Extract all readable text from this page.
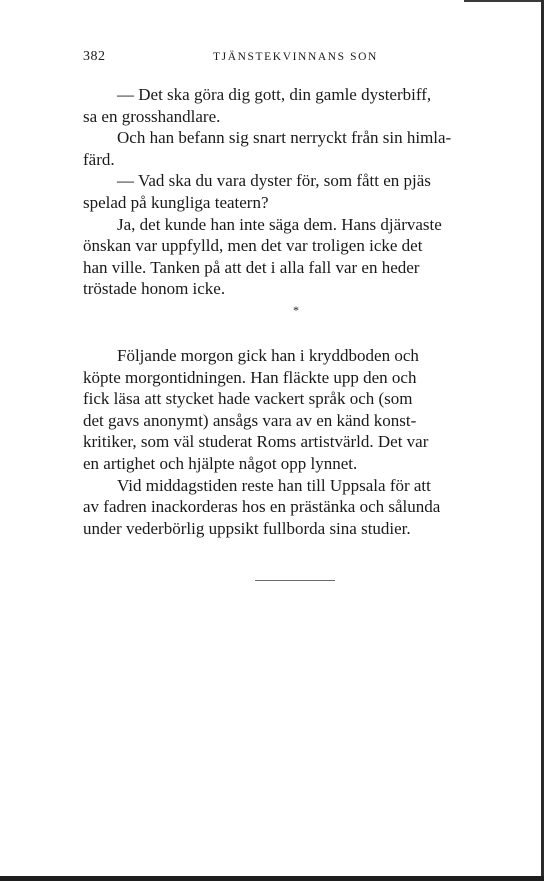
382	TJÄNSTEKVINNANS SON

— Det ska göra dig gott, din gamle dysterbiff,
sa en grosshandlare.

Och han befann sig snart nerryckt från sin himla-
färd.

— Vad ska du vara dyster för, som fått en pjäs
spelad på kungliga teatern?

Ja, det kunde han inte säga dem. Hans djärvaste
önskan var uppfylld, men det var troligen icke det
han ville. Tanken på att det i alla fall var en heder
tröstade honom icke.

*

Följande morgon gick han i kryddboden och
köpte morgontidningen. Han fläckte upp den och
fick läsa att stycket hade vackert språk och (som
det gavs anonymt) ansågs vara av en känd konst-
kritiker, som väl studerat Roms artistvärld. Det var
en artighet och hjälpte något opp lynnet.

Vid middagstiden reste han till Uppsala för att
av fadren inackorderas hos en prästänka och sålunda
under vederbörlig uppsikt fullborda sina studier.
